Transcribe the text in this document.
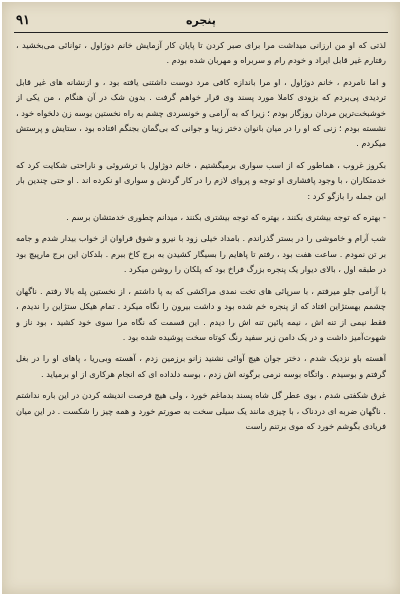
۹۱	پنجره

لذتی که او من ارزانی میداشت مرا برای صبر کردن تا پایان کار آزمایش خانم دوژاول ، توانائی می‌بخشید ، رفتارم غیر قابل ایراد و خودم رام و سربراه و مهربان شده بودم .

و اما نامردم ، خانم دوژاول ، او مرا باندازه کافی مرد دوست داشتنی یافته بود ، و ازنشانه های غیر قابل تردیدی پی‌بردم که بزودی کاملا مورد پسند وی قرار خواهم گرفت . بدون شک در آن هنگام ، من یکی از خوشبخت‌ترین مردان روزگار بودم ؛ زیرا که به آرامی و خونسردی چشم به راه نخستین بوسه زن دلخواه خود ، نشسته بودم ؛ زنی که او را در میان بانوان دختر زیبا و جوانی که بی‌گمان بجنگم افتاده بود ، ستایش و پرستش میکردم .

بکروز غروب ، هماطور که از اسب سواری برمیگشتیم ، خانم دوژاول با ترشروئی و ناراحتی شکایت کرد که خدمتکاران ، با وجود پافشاری او توجه و پروای لازم را در کار گردش و سواری او نکرده اند . او حتی چندین بار این جمله را بازگو کرد :

- بهتره که توجه بیشتری بکنند ، بهتره که توجه بیشتری بکنند ، میدانم چطوری خدمتشان برسم .

شب آرام و خاموشی را در بستر گذراندم . بامداد خیلی زود با نیرو و شوق فراوان از خواب بیدار شدم و جامه بر تن نمودم . ساعت هفت بود ، رفتم تا پاهایم را بسیگار کشیدن به برج کاخ ببرم . بلدکان این برج مارپیچ بود در طبقه اول ، بالای دیوار یک پنجره بزرگ فراخ بود که پلکان را روشن میکرد .

با آرامی جلو میرفتم ، با سرپائی های تخت نمدی مراکشی که به پا داشتم ، از نخستین پله بالا رفتم . ناگهان چشمم بهستژاین افتاد که از پنجره خم شده بود و داشت بیرون را نگاه میکرد . تمام هیکل ستژاین را ندیدم ، فقط نیمی از تنه اش ، نیمه پائین تنه اش را دیدم . این قسمت که نگاه مرا سوی خود کشید ، بود ناز و شهوت‌آمیز داشت و در یک دامن زیر سفید رنگ کوتاه سخت پوشیده شده بود .

آهسته باو نزدیک شدم ، دختر جوان هیچ آوائی نشنید زانو برزمین زدم ، آهسته وبی‌ریا ، پاهای او را در بغل گرفتم و بوسیدم . واتگاه بوسه نرمی برگونه اش زدم ، بوسه دلداده ای که انجام هرکاری از او برمیاید .

غرق شکفتی شدم ، بوی عطر گل شاه پسند بدماغم خورد ، ولی هیچ فرصت اندیشه کردن در این باره نداشتم . ناگهان ضربه ای دردناک ، با چیزی مانند یک سیلی سخت به صورتم خورد و همه چیز را شکست . در این میان فریادی بگوشم خورد که موی برتنم راست
